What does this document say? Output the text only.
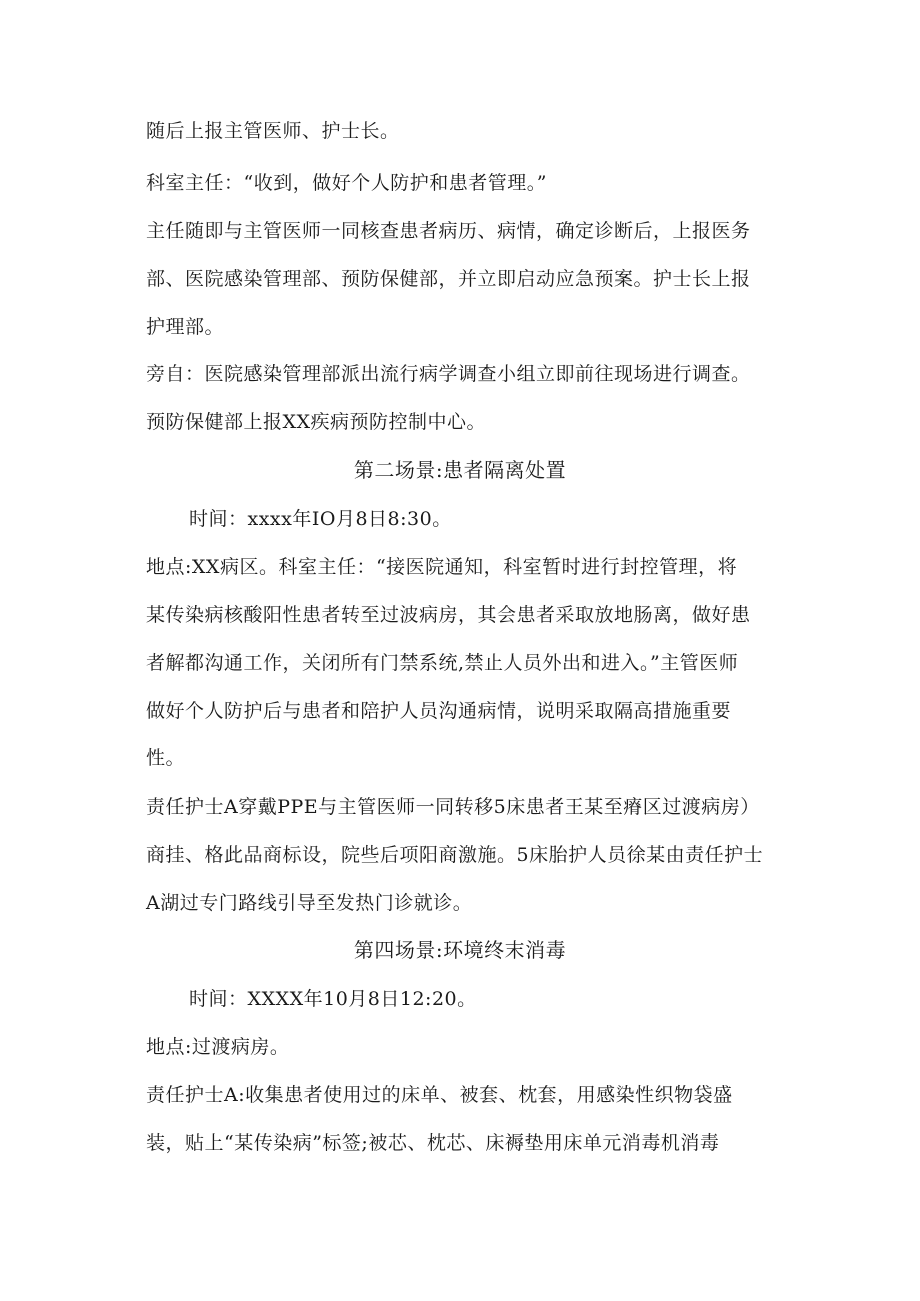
随后上报主管医师、护士长。
科室主任：“收到，做好个人防护和患者管理。”
主任随即与主管医师一同核查患者病历、病情，确定诊断后，上报医务
部、医院感染管理部、预防保健部，并立即启动应急预案。护士长上报
护理部。
旁自：医院感染管理部派出流行病学调查小组立即前往现场进行调查。
预防保健部上报XX疾病预防控制中心。
第二场景:患者隔离处置
时间：xxxx年IO月8日8:30。
地点:XX病区。科室主任：“接医院通知，科室暂时进行封控管理，将
某传染病核酸阳性患者转至过波病房，其会患者采取放地肠离，做好患
者解都沟通工作，关闭所有门禁系统,禁止人员外出和进入。”主管医师
做好个人防护后与患者和陪护人员沟通病情，说明采取隔高措施重要
性。
责任护士A穿戴PPE与主管医师一同转移5床患者王某至瘠区过渡病房）
商挂、格此品商标设，院些后项阳商激施。5床胎护人员徐某由责任护士
A湖过专门路线引导至发热门诊就诊。
第四场景:环境终末消毒
时间：XXXX年10月8日12:20。
地点:过渡病房。
责任护士A:收集患者使用过的床单、被套、枕套，用感染性织物袋盛
装，贴上“某传染病”标签;被芯、枕芯、床褥垫用床单元消毒机消毒
